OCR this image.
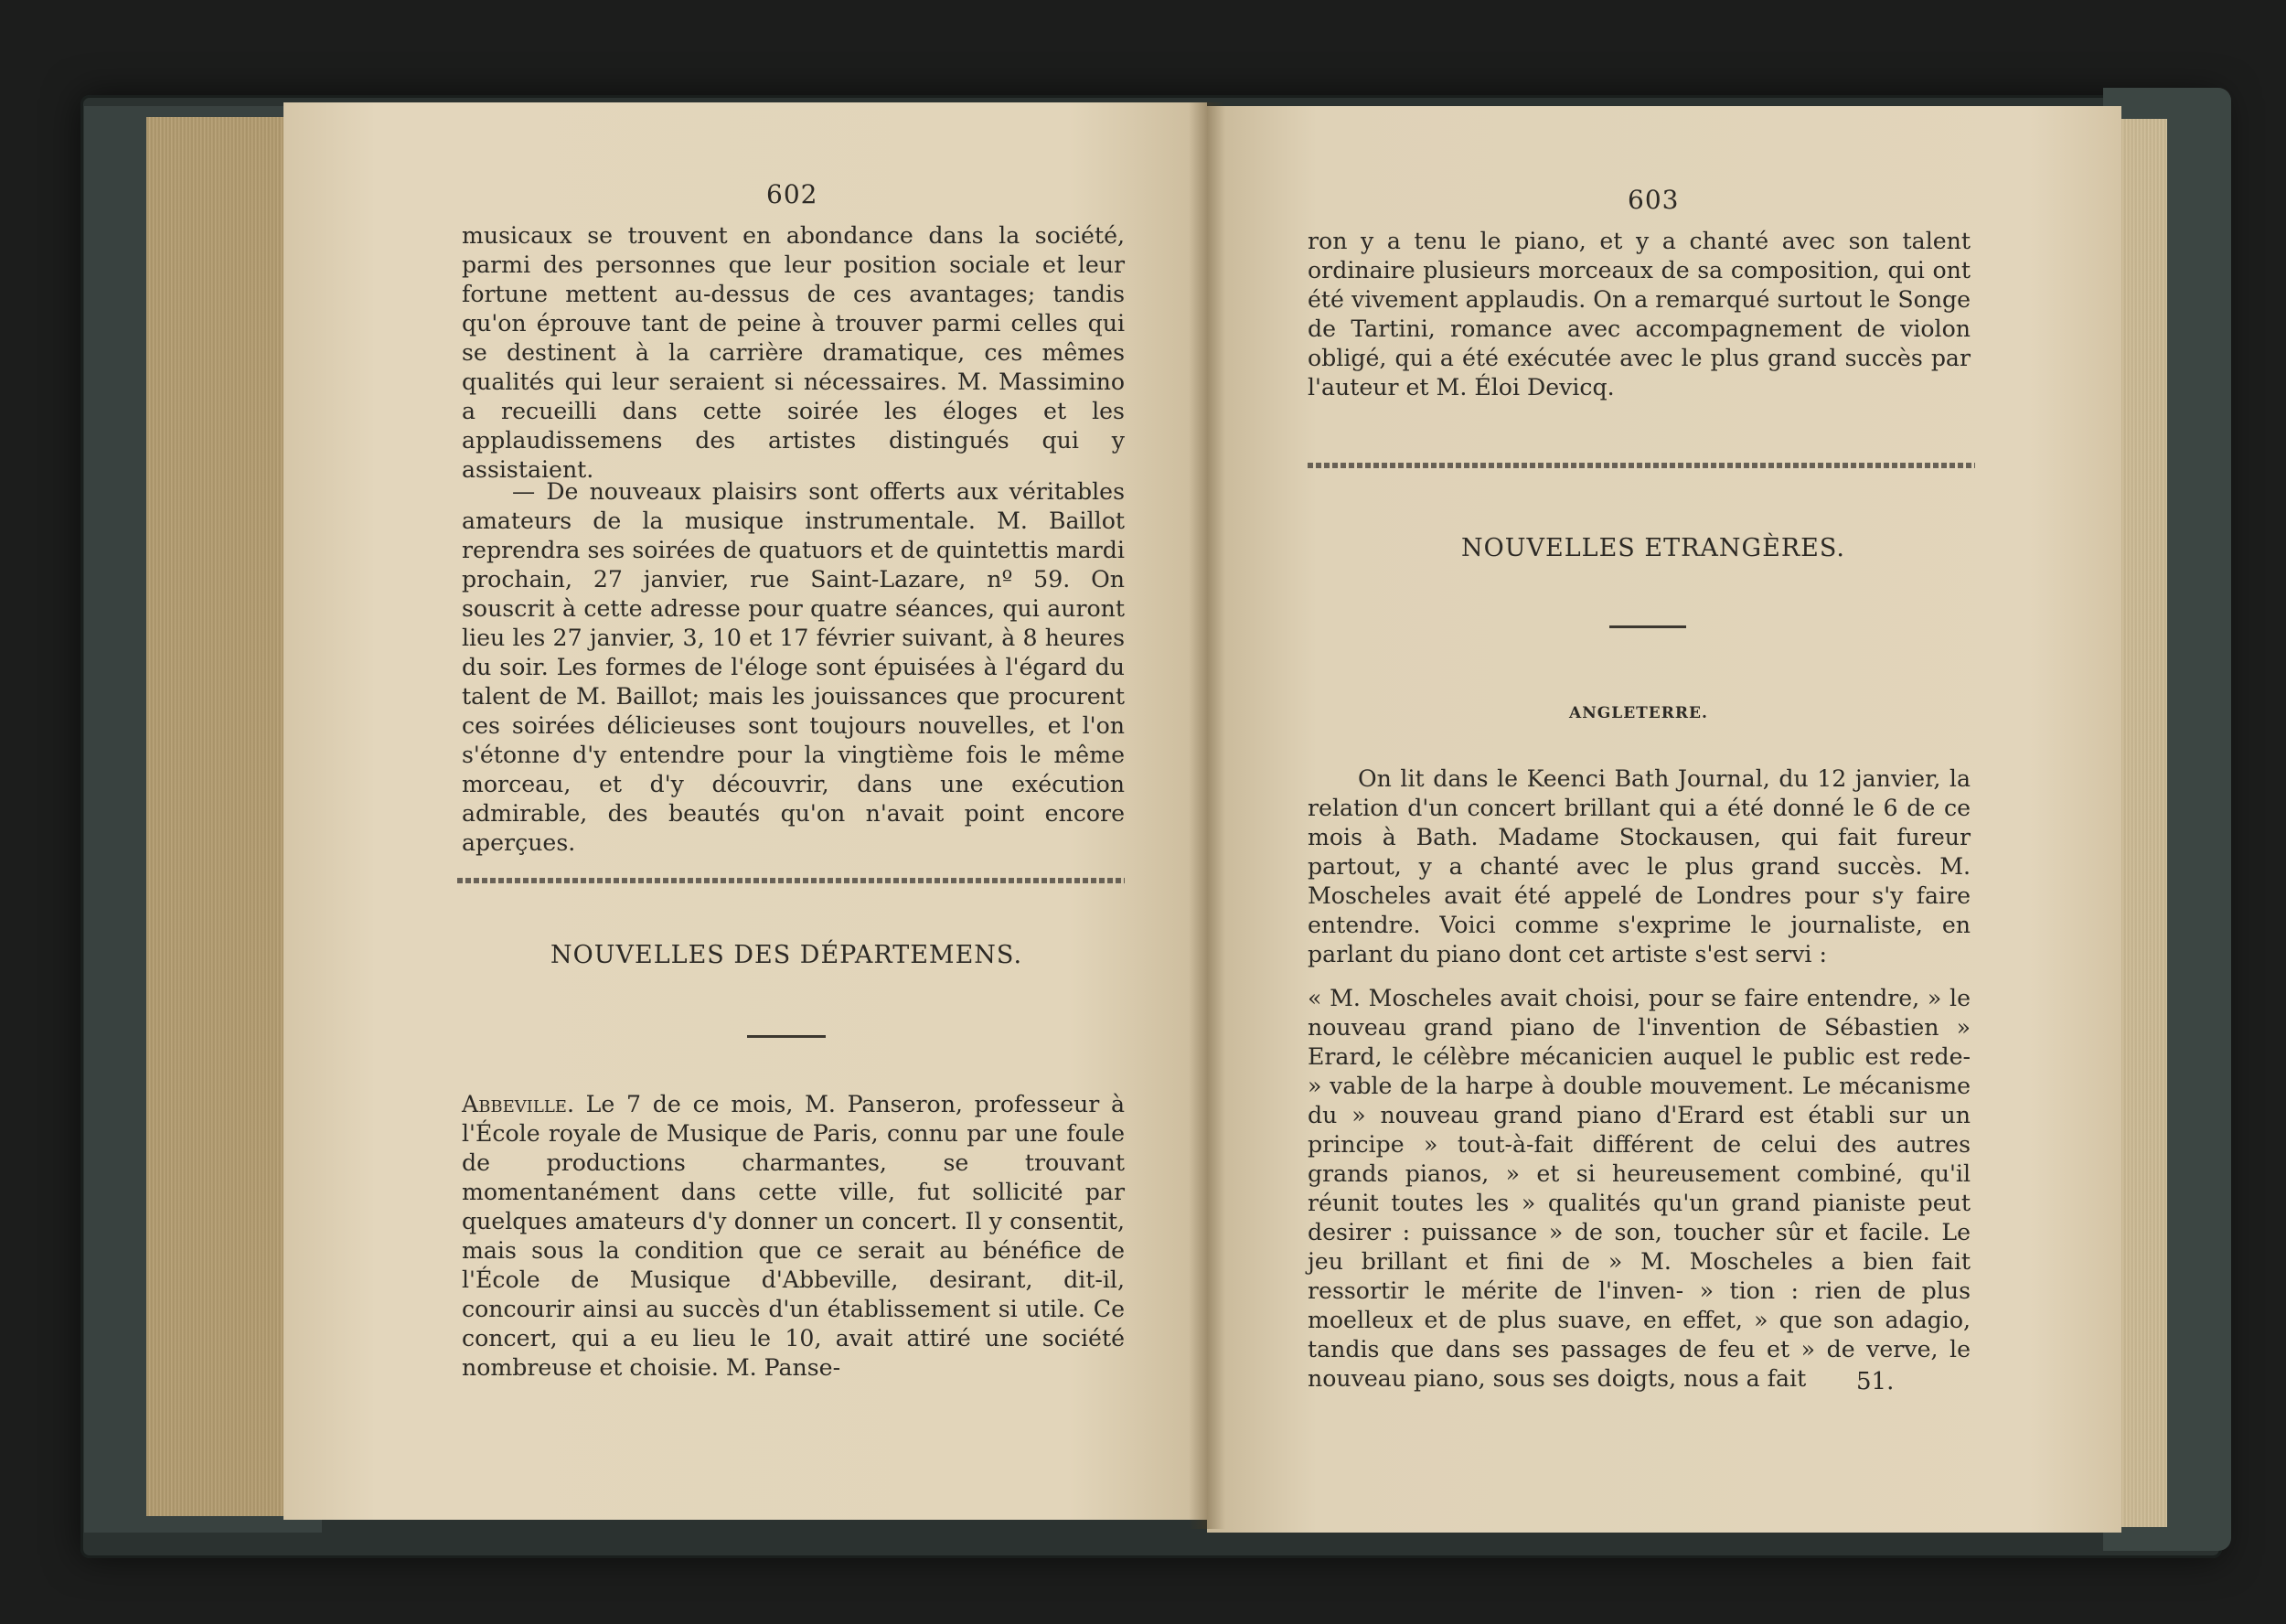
602

musicaux se trouvent en abondance dans la société, parmi des personnes que leur position sociale et leur fortune mettent au-dessus de ces avantages; tandis qu'on éprouve tant de peine à trouver parmi celles qui se destinent à la carrière dramatique, ces mêmes qualités qui leur seraient si nécessaires. M. Massimino a recueilli dans cette soirée les éloges et les applaudissemens des artistes distingués qui y assistaient.

— De nouveaux plaisirs sont offerts aux véritables amateurs de la musique instrumentale. M. Baillot reprendra ses soirées de quatuors et de quintettis mardi prochain, 27 janvier, rue Saint-Lazare, nº 59. On souscrit à cette adresse pour quatre séances, qui auront lieu les 27 janvier, 3, 10 et 17 février suivant, à 8 heures du soir. Les formes de l'éloge sont épuisées à l'égard du talent de M. Baillot; mais les jouissances que procurent ces soirées délicieuses sont toujours nouvelles, et l'on s'étonne d'y entendre pour la vingtième fois le même morceau, et d'y découvrir, dans une exécution admirable, des beautés qu'on n'avait point encore aperçues.

NOUVELLES DES DÉPARTEMENS.

Abbeville. Le 7 de ce mois, M. Panseron, professeur à l'École royale de Musique de Paris, connu par une foule de productions charmantes, se trouvant momentanément dans cette ville, fut sollicité par quelques amateurs d'y donner un concert. Il y consentit, mais sous la condition que ce serait au bénéfice de l'École de Musique d'Abbeville, desirant, dit-il, concourir ainsi au succès d'un établissement si utile. Ce concert, qui a eu lieu le 10, avait attiré une société nombreuse et choisie. M. Panse-

603

ron y a tenu le piano, et y a chanté avec son talent ordinaire plusieurs morceaux de sa composition, qui ont été vivement applaudis. On a remarqué surtout le Songe de Tartini, romance avec accompagnement de violon obligé, qui a été exécutée avec le plus grand succès par l'auteur et M. Éloi Devicq.

NOUVELLES ETRANGÈRES.
ANGLETERRE.

On lit dans le Keenci Bath Journal, du 12 janvier, la relation d'un concert brillant qui a été donné le 6 de ce mois à Bath. Madame Stockausen, qui fait fureur partout, y a chanté avec le plus grand succès. M. Moscheles avait été appelé de Londres pour s'y faire entendre. Voici comme s'exprime le journaliste, en parlant du piano dont cet artiste s'est servi :

« M. Moscheles avait choisi, pour se faire entendre, » le nouveau grand piano de l'invention de Sébastien » Erard, le célèbre mécanicien auquel le public est rede- » vable de la harpe à double mouvement. Le mécanisme du » nouveau grand piano d'Erard est établi sur un principe » tout-à-fait différent de celui des autres grands pianos, » et si heureusement combiné, qu'il réunit toutes les » qualités qu'un grand pianiste peut desirer : puissance » de son, toucher sûr et facile. Le jeu brillant et fini de » M. Moscheles a bien fait ressortir le mérite de l'inven- » tion : rien de plus moelleux et de plus suave, en effet, » que son adagio, tandis que dans ses passages de feu et » de verve, le nouveau piano, sous ses doigts, nous a fait	51.
